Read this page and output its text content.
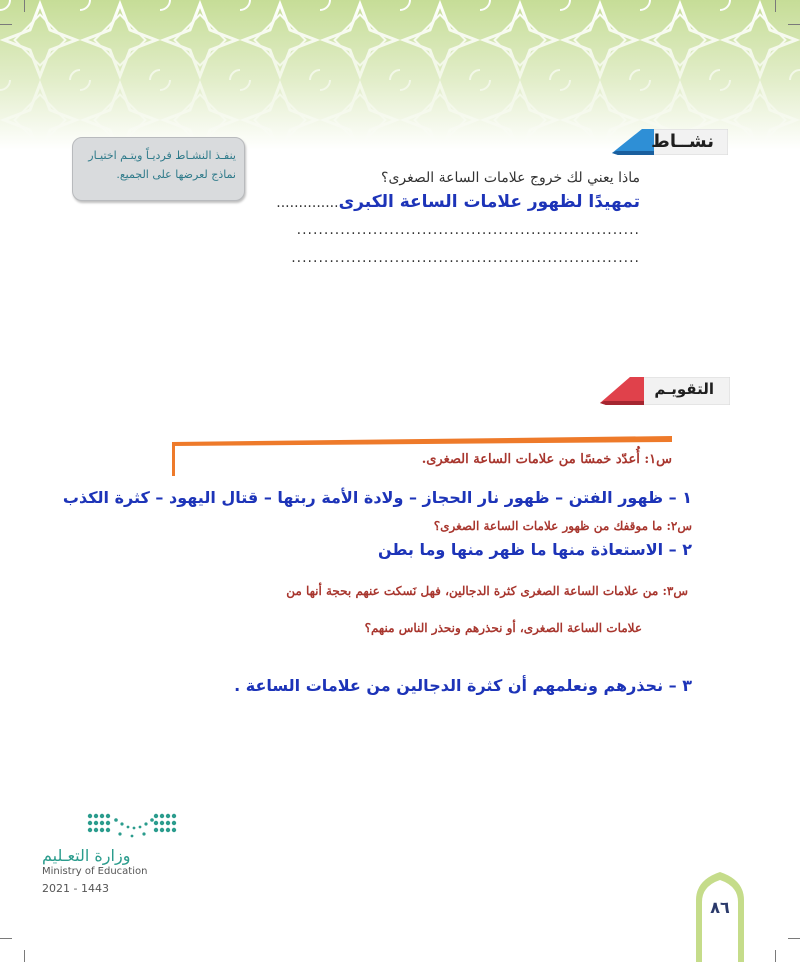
نشــاط
ينفـذ النشـاط فرديـاً ويتـم اختيـار نماذج لعرضها على الجميع.	ماذا يعني لك خروج علامات الساعة الصغرى؟
تمهيدًا لظهور علامات الساعة الكبرى..............
...............................................................
................................................................
التقويـم
س١: أُعدّد خمسًا من علامات الساعة الصغرى.
١ – ظهور الفتن – ظهور نار الحجاز – ولادة الأمة ربتها – قتال اليهود – كثرة الكذب
س٢: ما موقفك من ظهور علامات الساعة الصغرى؟
٢ – الاستعاذة منها ما ظهر منها وما بطن
س٣: من علامات الساعة الصغرى كثرة الدجالين، فهل نَسكت عنهم بحجة أنها من
علامات الساعة الصغرى، أو نحذرهم ونحذر الناس منهم؟
٣ – نحذرهم ونعلمهم أن كثرة الدجالين من علامات الساعة .
وزارة التعـليم
Ministry of Education
2021 - 1443
٨٦
